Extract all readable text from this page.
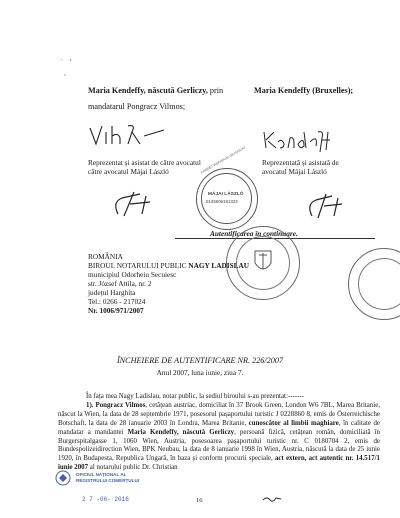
·    ›
‹
Maria Kendeffy, născută Gerliczy, prin
mandatarul Pongracz Vilmos;
Maria Kendeffy (Bruxelles);
Reprezentat și asistat de către avocatul
către avocatul Májai László
Reprezentată și asistată de
avocatul Májai László
CABINET INDIVIDUAL DE AVOCAT
MÁJAI LÁSZLÓ
0145606191323
Autentificarea în continuare.
ROMÂNIA
BIROUL NOTARULUI PUBLIC NAGY LADISLAU
municipiul Odorheiu Secuiesc
str. József Attila, nr. 2
județul Harghita
Tel.: 0266 - 217024
Nr. 1006/971/2007
ÎNCHEIERE DE AUTENTIFICARE NR. 226/2007
Anul 2007, luna iunie, ziua 7.

În fața mea Nagy Ladislau, notar public, la sediul biroului s-au prezentat:-------

1). Pongracz Vilmos, cetățean austriac, domiciliat în 37 Brook Green, London W6 7BL, Marea Britanie, născut la Wien, la data de 28 septembrie 1971, posesorul pașaportului turistic J 0228860 8, emis de Österreichische Botschaft, la data de 28 ianuarie 2003 în Londra, Marea Britanie, cunoscător al limbii maghiare, în calitate de mandatar a mandantei Maria Kendeffy, născută Gerliczy, persoană fizică, cetățean român, domiciliată în Burgerspitalgasse 1, 1060 Wien, Austria, posesoarea pașaportului turistic nr. C 0180704 2, emis de Bundespolizeidirection Wien, BPK Neubau, la data de 8 ianuarie 1998 în Wien, Austria, născută la data de 25 iunie 1920, în Budapesta, Republica Ungară, în baza și conform procurii speciale, act extern, act autentic nr. 14.517/1 iunie 2007 al notarului public Dr. Christian

16
OFICIUL NAȚIONAL AL
REGISTRULUI COMERȚULUI
2 7 -06- 2016
